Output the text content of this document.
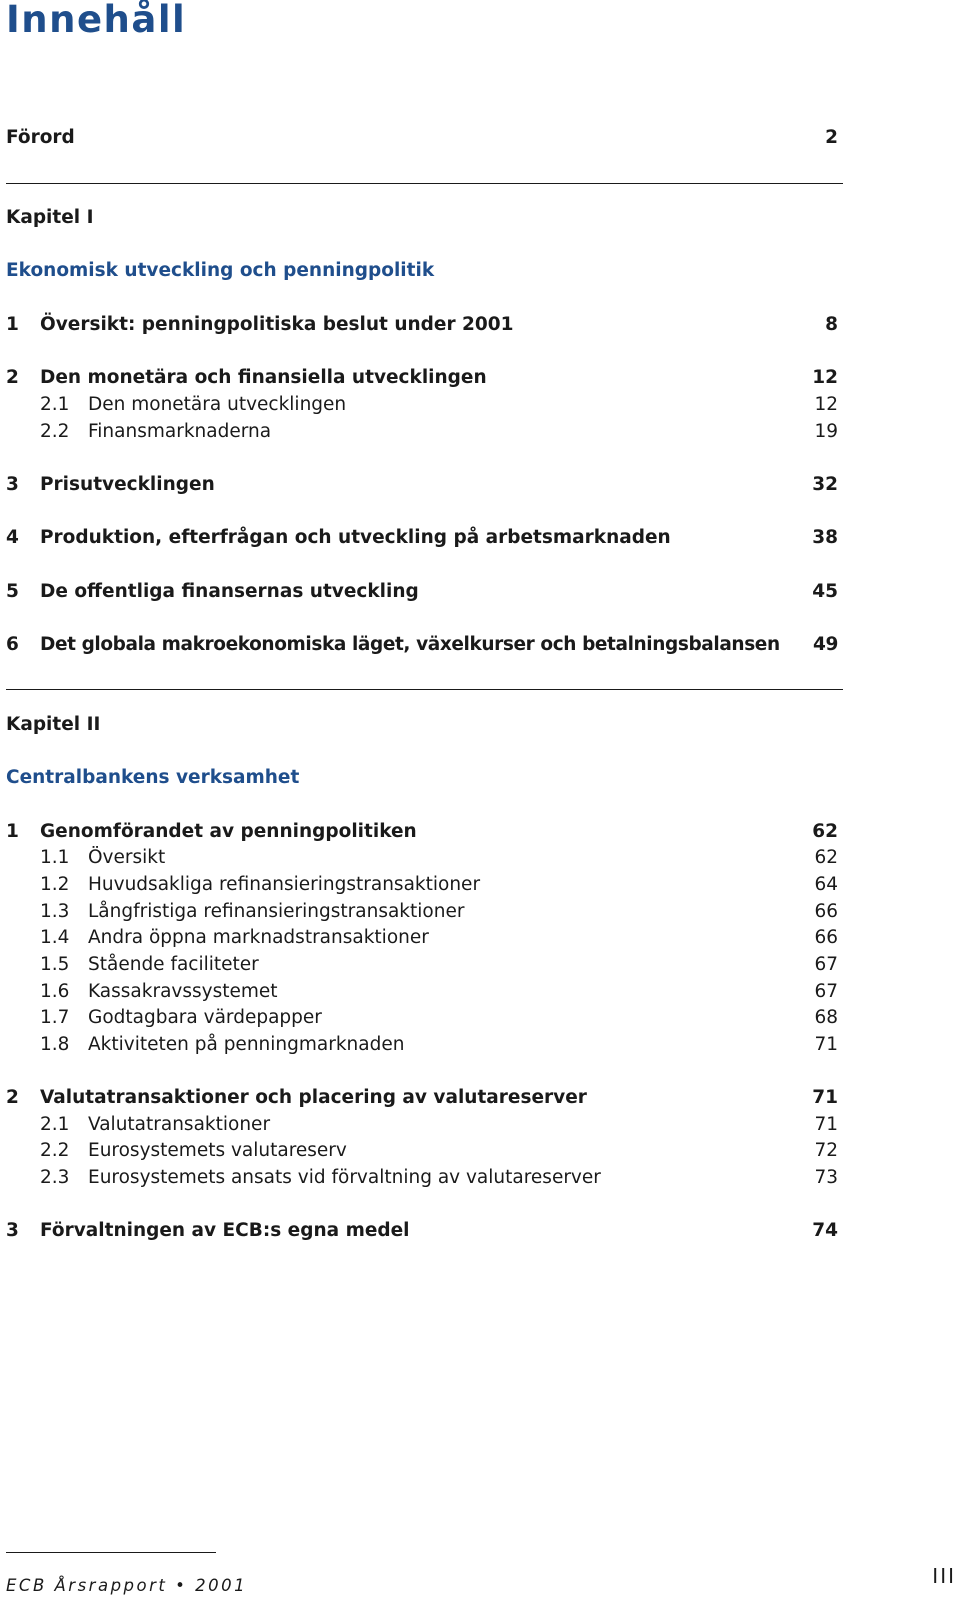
Innehåll
Förord	2
Kapitel I
Ekonomisk utveckling och penningpolitik
1 Översikt: penningpolitiska beslut under 2001	8
2 Den monetära och finansiella utvecklingen	12
2.1 Den monetära utvecklingen	12
2.2 Finansmarknaderna	19
3 Prisutvecklingen	32
4 Produktion, efterfrågan och utveckling på arbetsmarknaden	38
5 De offentliga finansernas utveckling	45
6 Det globala makroekonomiska läget, växelkurser och betalningsbalansen 49
Kapitel II
Centralbankens verksamhet
1 Genomförandet av penningpolitiken	62
1.1 Översikt	62
1.2 Huvudsakliga refinansieringstransaktioner	64
1.3 Långfristiga refinansieringstransaktioner	66
1.4 Andra öppna marknadstransaktioner	66
1.5 Stående faciliteter	67
1.6 Kassakravssystemet	67
1.7 Godtagbara värdepapper	68
1.8 Aktiviteten på penningmarknaden	71
2 Valutatransaktioner och placering av valutareserver	71
2.1 Valutatransaktioner	71
2.2 Eurosystemets valutareserv	72
2.3 Eurosystemets ansats vid förvaltning av valutareserver	73
3 Förvaltningen av ECB:s egna medel	74
ECB Årsrapport • 2001	III
